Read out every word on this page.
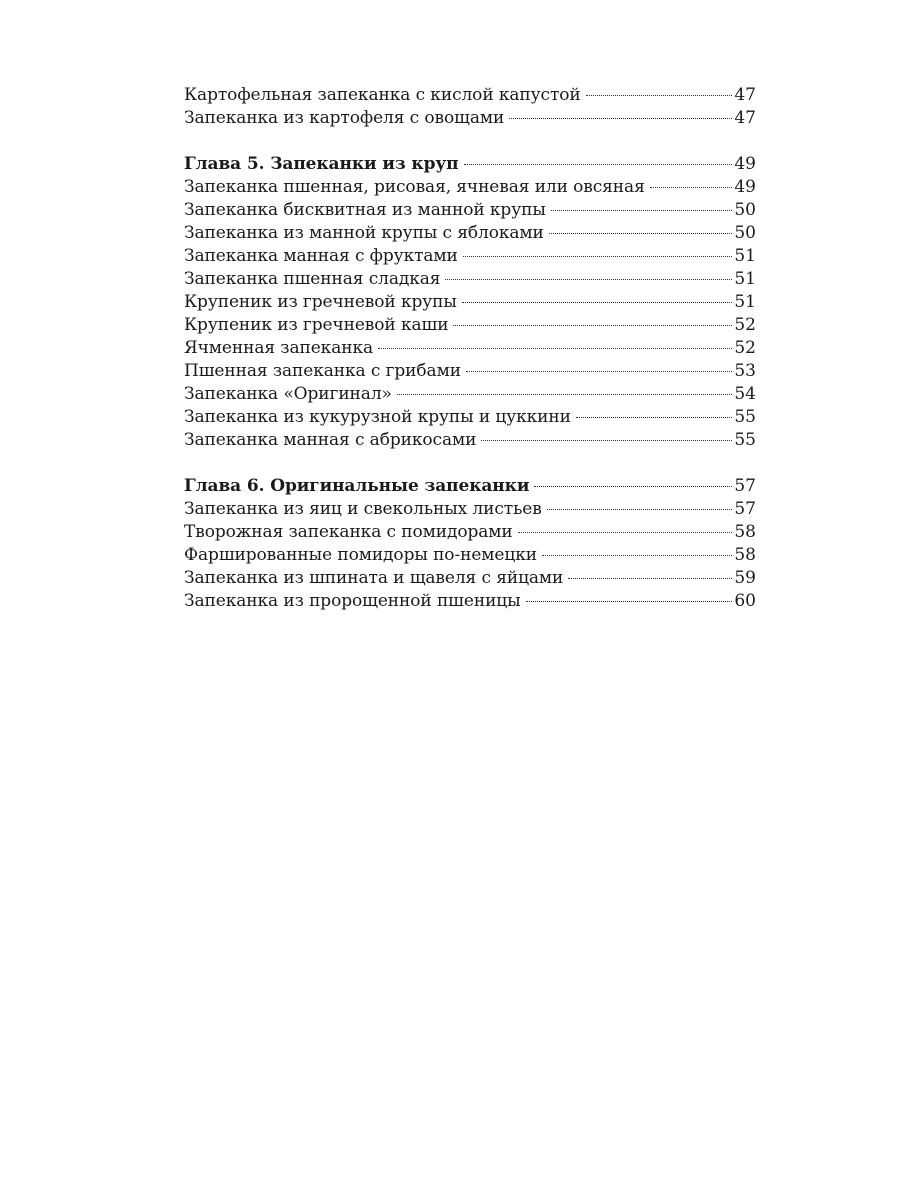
Картофельная запеканка с кислой капустой	47
Запеканка из картофеля с овощами	47
Глава 5. Запеканки из круп	49
Запеканка пшенная, рисовая, ячневая или овсяная	49
Запеканка бисквитная из манной крупы	50
Запеканка из манной крупы с яблоками	50
Запеканка манная с фруктами	51
Запеканка пшенная сладкая	51
Крупеник из гречневой крупы	51
Крупеник из гречневой каши	52
Ячменная запеканка	52
Пшенная запеканка с грибами	53
Запеканка «Оригинал»	54
Запеканка из кукурузной крупы и цуккини	55
Запеканка манная с абрикосами	55
Глава 6. Оригинальные запеканки	57
Запеканка из яиц и свекольных листьев	57
Творожная запеканка с помидорами	58
Фаршированные помидоры по-немецки	58
Запеканка из шпината и щавеля с яйцами	59
Запеканка из пророщенной пшеницы	60
